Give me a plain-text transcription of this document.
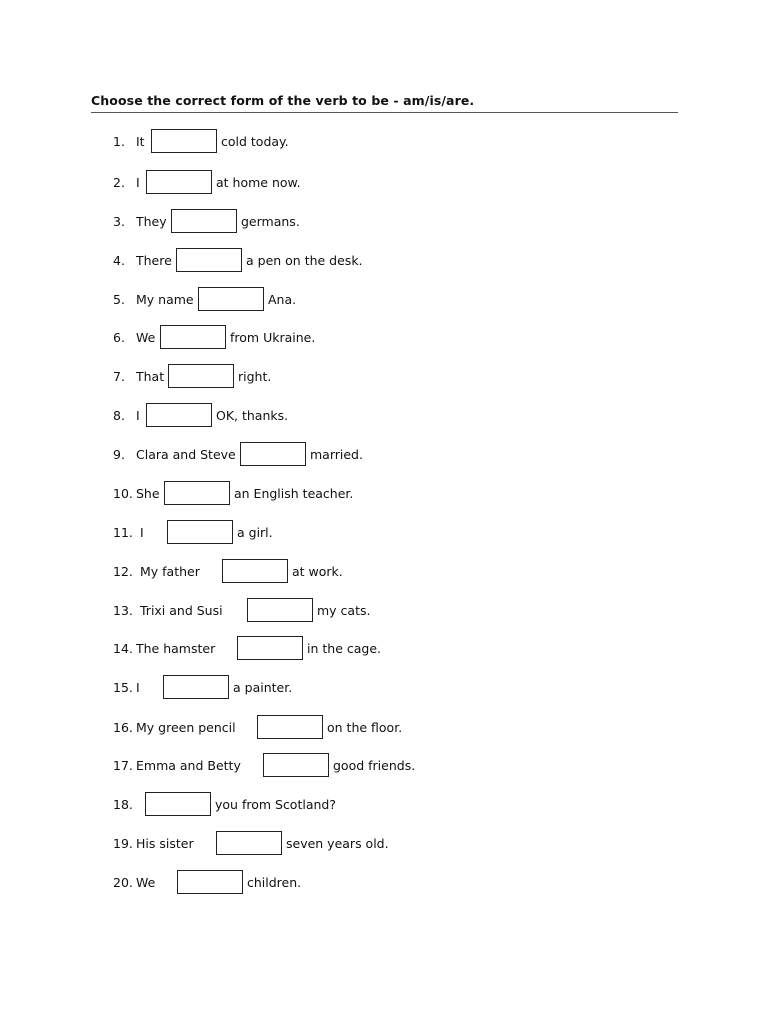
Choose the correct form of the verb to be - am/is/are.
1. It	cold today.
2. I	at home now.
3. They	germans.
4. There	a pen on the desk.
5. My name	Ana.
6. We	from Ukraine.
7. That	right.
8. I	OK, thanks.
9. Clara and Steve	married.
10. She	an English teacher.
11. I	a girl.
12. My father	at work.
13. Trixi and Susi	my cats.
14. The hamster	in the cage.
15. I	a painter.
16. My green pencil	on the floor.
17. Emma and Betty	good friends.
18.	you from Scotland?
19. His sister	seven years old.
20. We	children.
